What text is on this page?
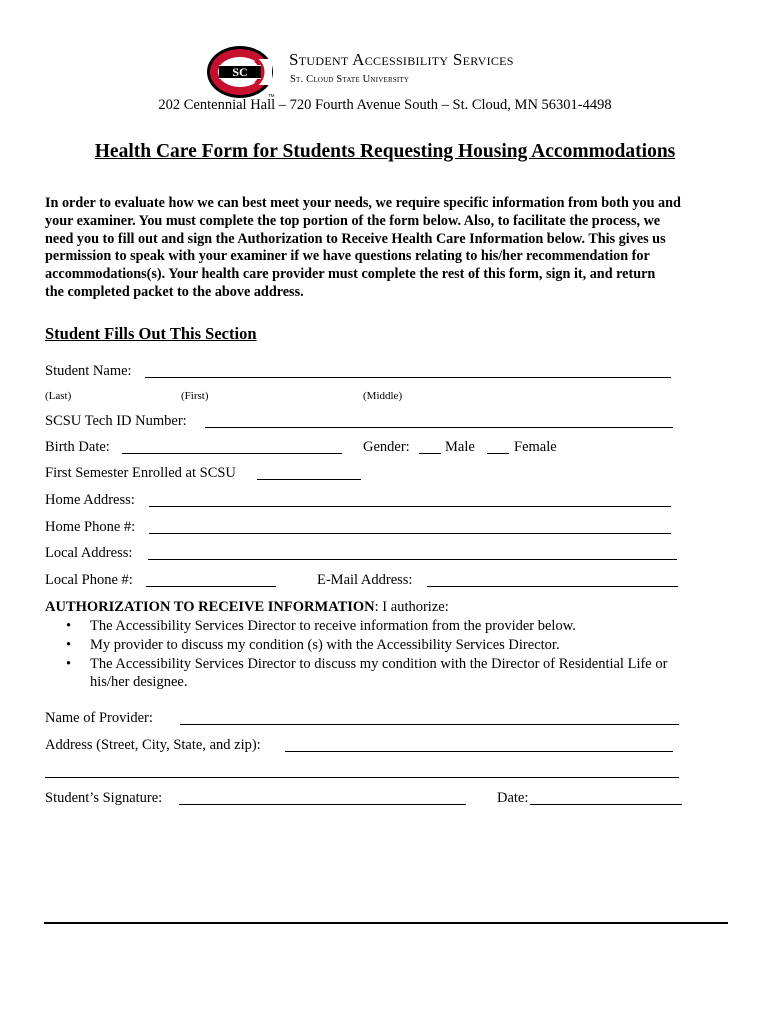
SC
TM
Student Accessibility Services
St. Cloud State University
202 Centennial Hall – 720 Fourth Avenue South – St. Cloud, MN 56301-4498
Health Care Form for Students Requesting Housing Accommodations
In order to evaluate how we can best meet your needs, we require specific information from both you and
your examiner. You must complete the top portion of the form below. Also, to facilitate the process, we
need you to fill out and sign the Authorization to Receive Health Care Information below. This gives us
permission to speak with your examiner if we have questions relating to his/her recommendation for
accommodations(s). Your health care provider must complete the rest of this form, sign it, and return
the completed packet to the above address.
Student Fills Out This Section
Student Name:
(Last)	(First)	(Middle)
SCSU Tech ID Number:
Birth Date:	Gender: Male	Female
First Semester Enrolled at SCSU
Home Address:
Home Phone #:
Local Address:
Local Phone #:	E-Mail Address:
AUTHORIZATION TO RECEIVE INFORMATION: I authorize:
• The Accessibility Services Director to receive information from the provider below.
• My provider to discuss my condition (s) with the Accessibility Services Director.
• The Accessibility Services Director to discuss my condition with the Director of Residential Life or
his/her designee.
Name of Provider:
Address (Street, City, State, and zip):
Student’s Signature:	Date:
